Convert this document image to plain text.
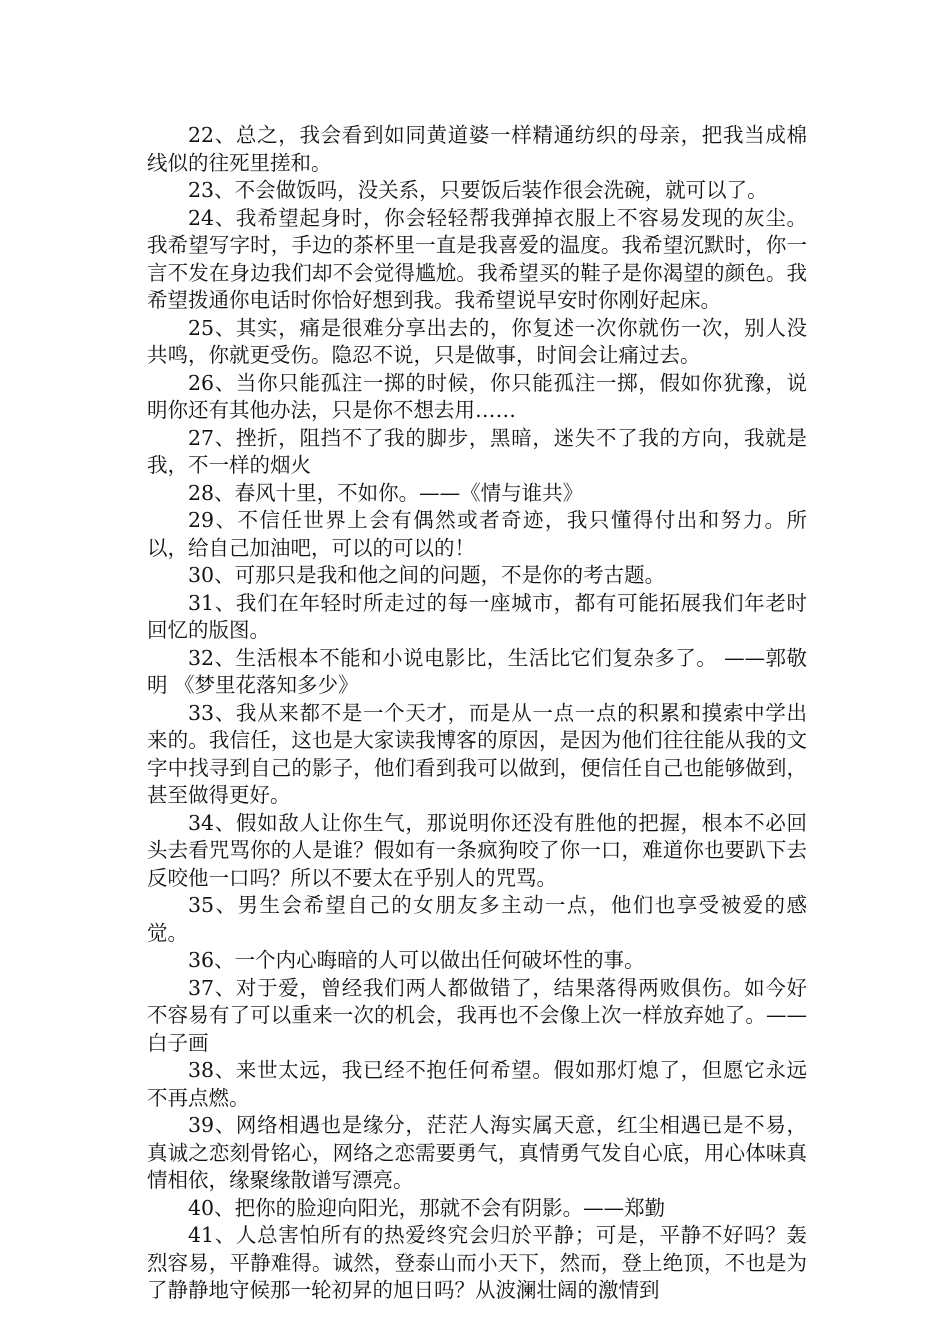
22、总之，我会看到如同黄道婆一样精通纺织的母亲，把我当成棉线似的往死里搓和。

23、不会做饭吗，没关系，只要饭后装作很会洗碗，就可以了。

24、我希望起身时，你会轻轻帮我弹掉衣服上不容易发现的灰尘。我希望写字时，手边的茶杯里一直是我喜爱的温度。我希望沉默时，你一言不发在身边我们却不会觉得尴尬。我希望买的鞋子是你渴望的颜色。我希望拨通你电话时你恰好想到我。我希望说早安时你刚好起床。

25、其实，痛是很难分享出去的，你复述一次你就伤一次，别人没共鸣，你就更受伤。隐忍不说，只是做事，时间会让痛过去。

26、当你只能孤注一掷的时候，你只能孤注一掷，假如你犹豫，说明你还有其他办法，只是你不想去用……

27、挫折，阻挡不了我的脚步，黑暗，迷失不了我的方向，我就是我，不一样的烟火

28、春风十里，不如你。——《情与谁共》

29、不信任世界上会有偶然或者奇迹，我只懂得付出和努力。所以，给自己加油吧，可以的可以的！

30、可那只是我和他之间的问题，不是你的考古题。

31、我们在年轻时所走过的每一座城市，都有可能拓展我们年老时回忆的版图。

32、生活根本不能和小说电影比，生活比它们复杂多了。 ——郭敬明 《梦里花落知多少》

33、我从来都不是一个天才，而是从一点一点的积累和摸索中学出来的。我信任，这也是大家读我博客的原因，是因为他们往往能从我的文字中找寻到自己的影子，他们看到我可以做到，便信任自己也能够做到，甚至做得更好。

34、假如敌人让你生气，那说明你还没有胜他的把握，根本不必回头去看咒骂你的人是谁？假如有一条疯狗咬了你一口，难道你也要趴下去反咬他一口吗？所以不要太在乎别人的咒骂。

35、男生会希望自己的女朋友多主动一点，他们也享受被爱的感觉。

36、一个内心晦暗的人可以做出任何破坏性的事。

37、对于爱，曾经我们两人都做错了，结果落得两败俱伤。如今好不容易有了可以重来一次的机会，我再也不会像上次一样放弃她了。——白子画

38、来世太远，我已经不抱任何希望。假如那灯熄了，但愿它永远不再点燃。

39、网络相遇也是缘分，茫茫人海实属天意，红尘相遇已是不易，真诚之恋刻骨铭心，网络之恋需要勇气，真情勇气发自心底，用心体味真情相依，缘聚缘散谱写漂亮。

40、把你的脸迎向阳光，那就不会有阴影。——郑勤

41、人总害怕所有的热爱终究会归於平静；可是，平静不好吗？轰烈容易，平静难得。诚然，登泰山而小天下，然而，登上绝顶，不也是为了静静地守候那一轮初昇的旭日吗？从波澜壮阔的激情到
